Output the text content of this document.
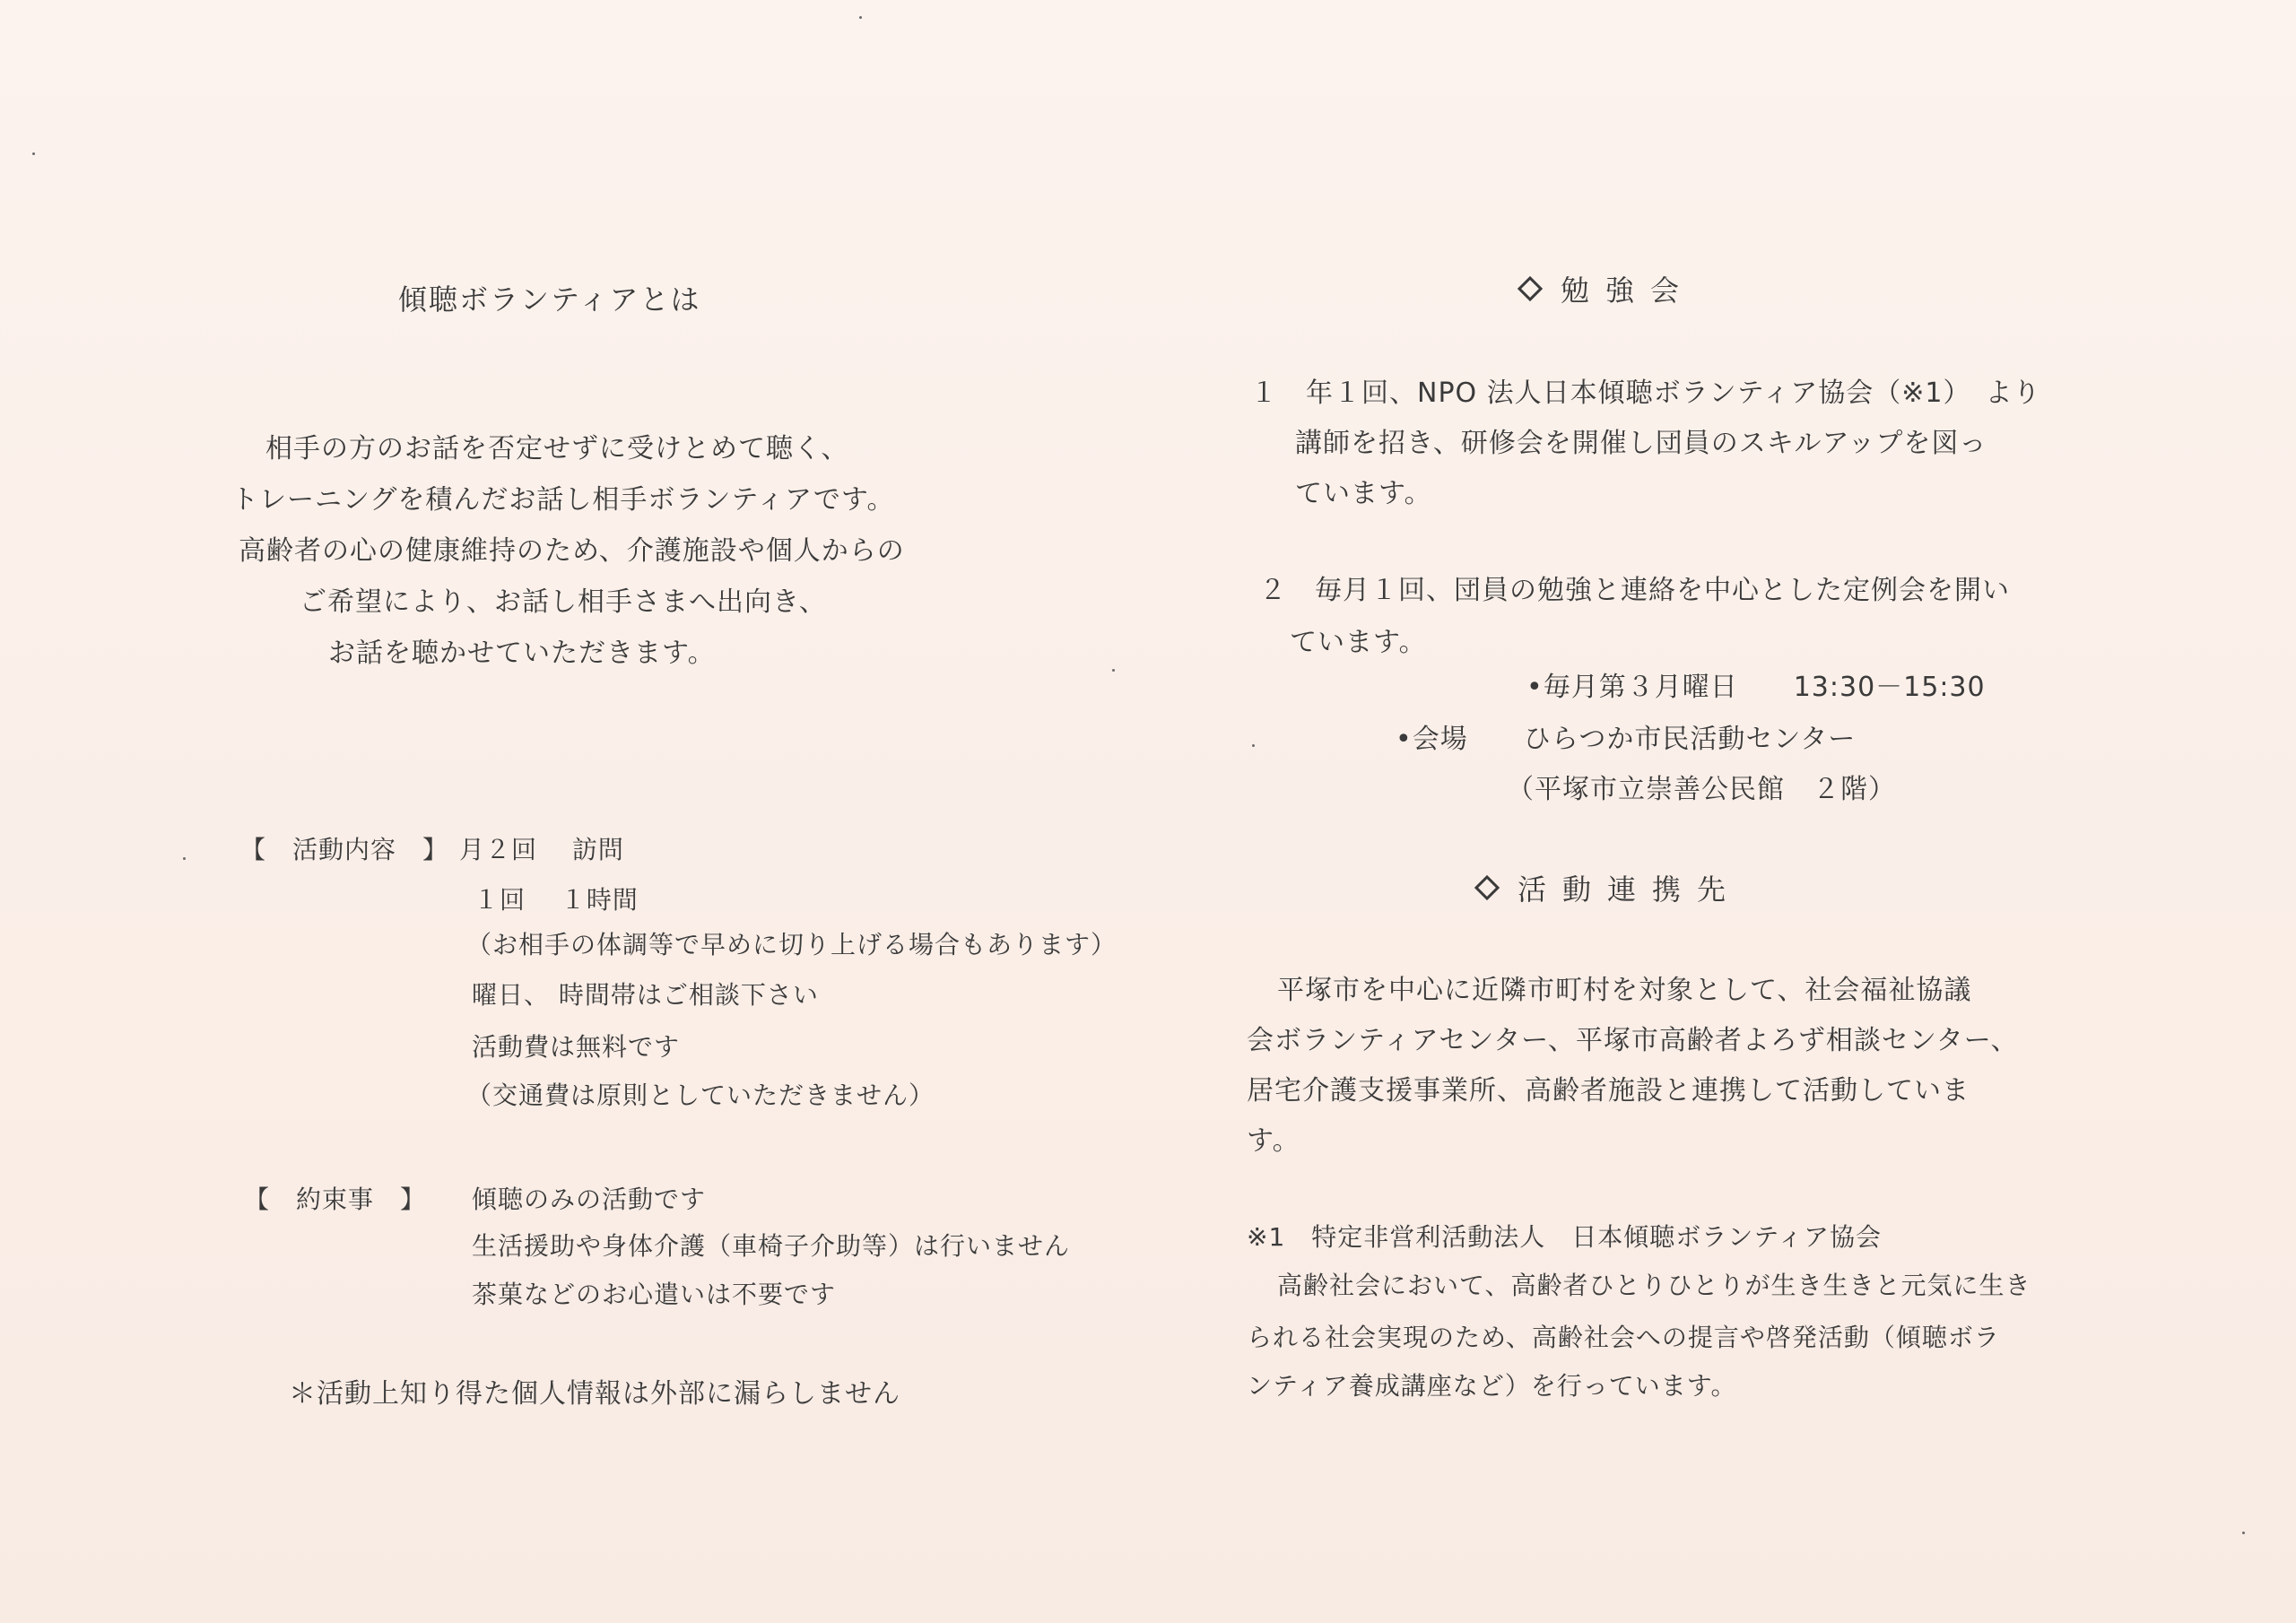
傾聴ボランティアとは
相手の方のお話を否定せずに受けとめて聴く、
トレーニングを積んだお話し相手ボランティアです。
高齢者の心の健康維持のため、介護施設や個人からの
ご希望により、お話し相手さまへ出向き、
お話を聴かせていただきます。
【　活動内容　】 月２回　 訪問
１回　 １時間
（お相手の体調等で早めに切り上げる場合もあります）
曜日、 時間帯はご相談下さい
活動費は無料です
（交通費は原則としていただきません）
【　約束事　】 傾聴のみの活動です
生活援助や身体介護（車椅子介助等）は行いません
茶菓などのお心遣いは不要です
＊活動上知り得た個人情報は外部に漏らしません
勉強会
１　年１回、NPO 法人日本傾聴ボランティア協会（※1）　より
講師を招き、研修会を開催し団員のスキルアップを図っ
ています。
２　毎月１回、団員の勉強と連絡を中心とした定例会を開い
ています。
•毎月第３月曜日　　13:30－15:30
•会場　　ひらつか市民活動センター
（平塚市立崇善公民館　２階）
活動連携先
平塚市を中心に近隣市町村を対象として、社会福祉協議
会ボランティアセンター、平塚市高齢者よろず相談センター、
居宅介護支援事業所、高齢者施設と連携して活動していま
す。
※1　特定非営利活動法人　日本傾聴ボランティア協会
高齢社会において、高齢者ひとりひとりが生き生きと元気に生き
られる社会実現のため、高齢社会への提言や啓発活動（傾聴ボラ
ンティア養成講座など）を行っています。
